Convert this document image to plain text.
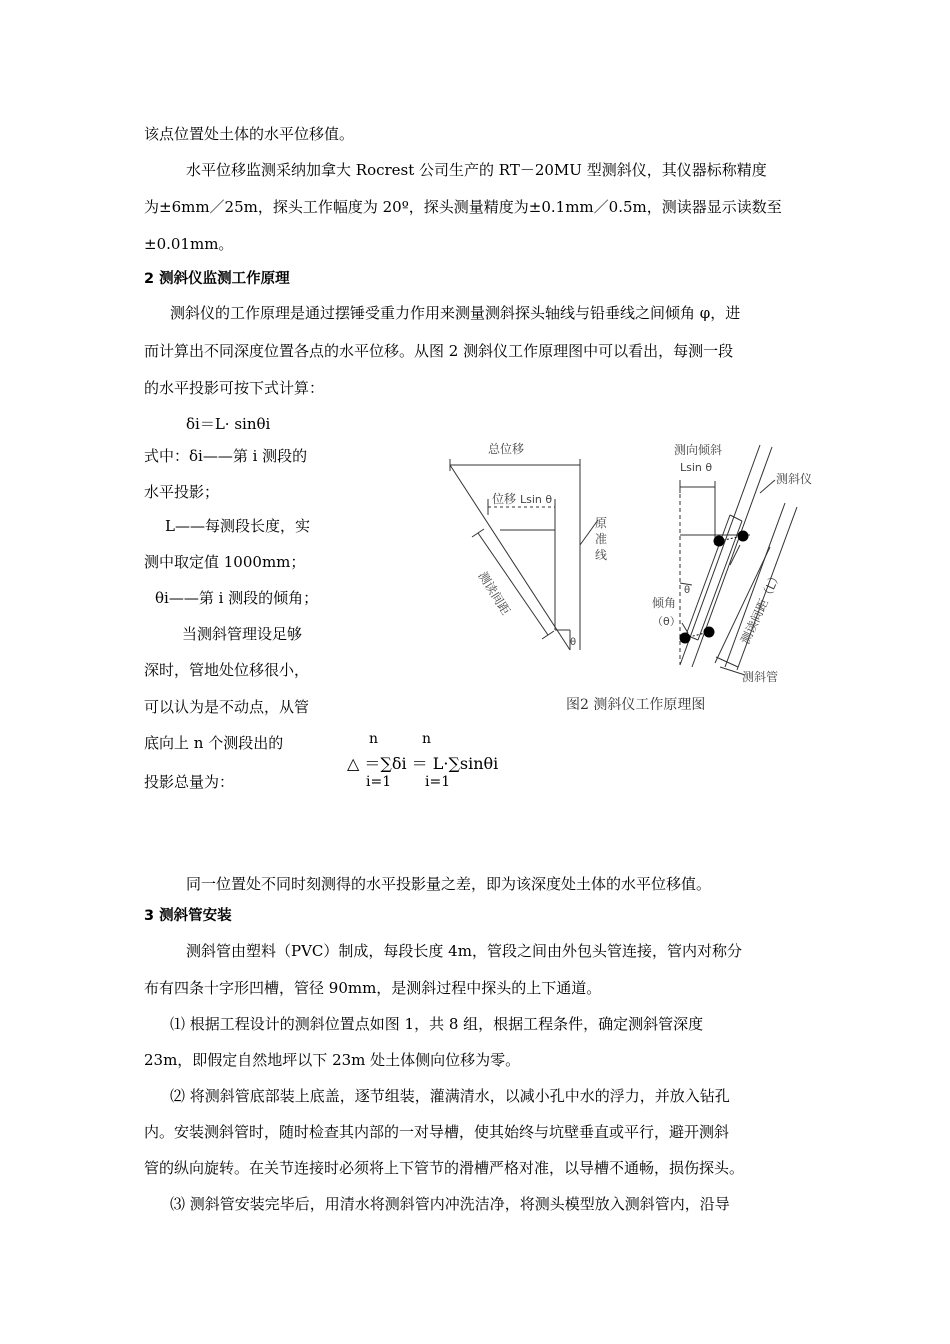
该点位置处土体的水平位移值。
水平位移监测采纳加拿大 Rocrest 公司生产的 RT－20MU 型测斜仪，其仪器标称精度
为±6mm／25m，探头工作幅度为 20º，探头测量精度为±0.1mm／0.5m，测读器显示读数至
±0.01mm。
2 测斜仪监测工作原理
测斜仪的工作原理是通过摆锤受重力作用来测量测斜探头轴线与铅垂线之间倾角 φ，进
而计算出不同深度位置各点的水平位移。从图 2 测斜仪工作原理图中可以看出，每测一段
的水平投影可按下式计算：
δi＝L· sinθi
式中：δi——第 i 测段的
水平投影；
L——每测段长度，实
测中取定值 1000mm；
θi——第 i 测段的倾角；
当测斜管理设足够
深时，管地处位移很小，
可以认为是不动点，从管
底向上 n 个测段出的
投影总量为：
n	n
△ ＝∑δi ＝ L·∑sinθi
i=1 i=1
同一位置处不同时刻测得的水平投影量之差，即为该深度处土体的水平位移值。
3 测斜管安装
测斜管由塑料（PVC）制成，每段长度 4m，管段之间由外包头管连接，管内对称分
布有四条十字形凹槽，管径 90mm，是测斜过程中探头的上下通道。
⑴ 根据工程设计的测斜位置点如图 1，共 8 组，根据工程条件，确定测斜管深度
23m，即假定自然地坪以下 23m 处土体侧向位移为零。
⑵ 将测斜管底部装上底盖，逐节组装，灌满清水，以减小孔中水的浮力，并放入钻孔
内。安装测斜管时，随时检查其内部的一对导槽，使其始终与坑壁垂直或平行，避开测斜
管的纵向旋转。在关节连接时必须将上下管节的滑槽严格对准，以导槽不通畅，损伤探头。
⑶ 测斜管安装完毕后，用清水将测斜管内冲洗洁净，将测头模型放入测斜管内，沿导
总位移
位移 Lsin θ
原
准
线
测读间距
θ
测向倾斜
Lsin θ
测斜仪
θ
倾角
（θ）	测读间距（L）
测斜管
图2 测斜仪工作原理图
